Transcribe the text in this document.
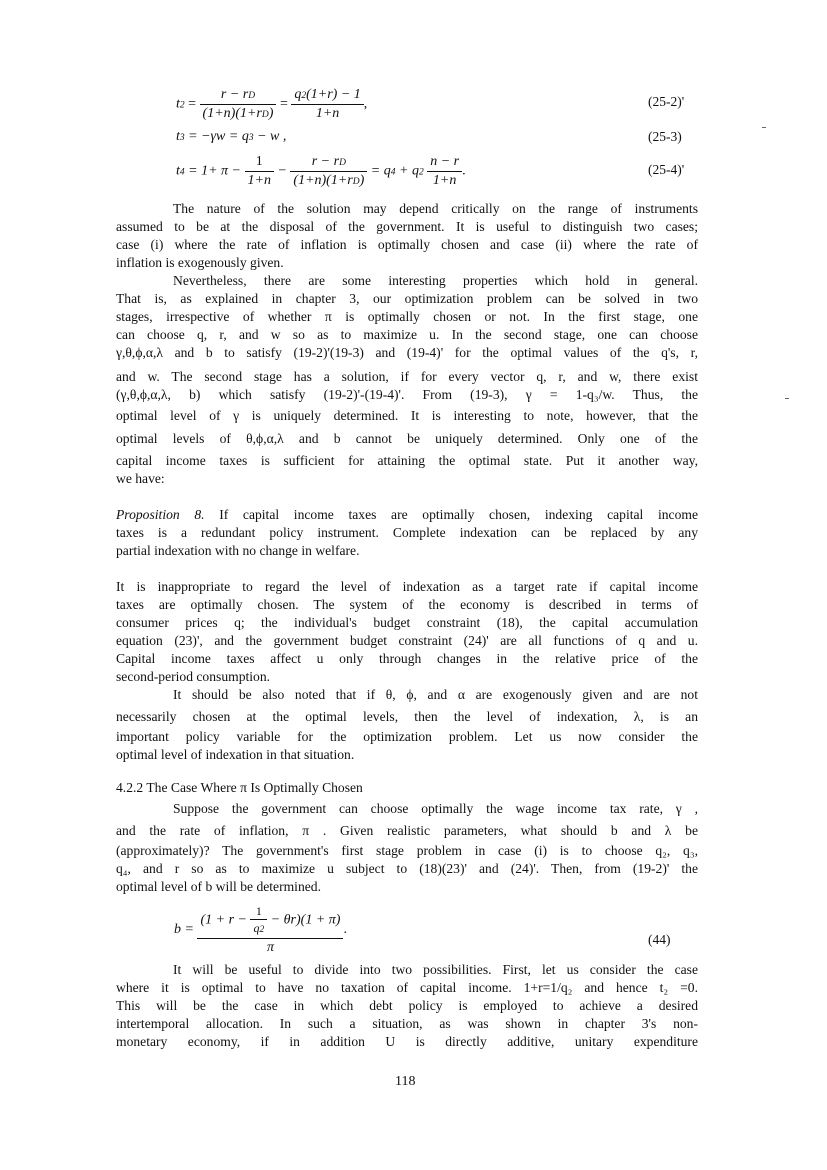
$t2 = \frac{r - rD}{(1+n)(1+rD)} = \frac{q2(1+r) - 1}{1+n}$ ,	(25-2)'
t3 = −γw = q3 − w ,	(25-3)
$t4 = 1+ \pi - \frac{1}{1+n} - \frac{r - rD}{(1+n)(1+rD)} = q4 + q2 \frac{n - r}{1+n}$ .	(25-4)'
The nature of the solution may depend critically on the range of instruments
assumed to be at the disposal of the government. It is useful to distinguish two cases;
case (i) where the rate of inflation is optimally chosen and case (ii) where the rate of
inflation is exogenously given.
Nevertheless, there are some interesting properties which hold in general.
That is, as explained in chapter 3, our optimization problem can be solved in two
stages, irrespective of whether π is optimally chosen or not. In the first stage, one
can choose q, r, and w so as to maximize u. In the second stage, one can choose
γ,θ,ϕ,α,λ and b to satisfy (19-2)'(19-3) and (19-4)' for the optimal values of the q's, r,
and w. The second stage has a solution, if for every vector q, r, and w, there exist
(γ,θ,ϕ,α,λ, b) which satisfy (19-2)'-(19-4)'. From (19-3), γ = 1-q₃/w. Thus, the
optimal level of γ is uniquely determined. It is interesting to note, however, that the
optimal levels of θ,ϕ,α,λ and b cannot be uniquely determined. Only one of the
capital income taxes is sufficient for attaining the optimal state. Put it another way,
we have:
Proposition 8. If capital income taxes are optimally chosen, indexing capital income
taxes is a redundant policy instrument. Complete indexation can be replaced by any
partial indexation with no change in welfare.
It is inappropriate to regard the level of indexation as a target rate if capital income
taxes are optimally chosen. The system of the economy is described in terms of
consumer prices q; the individual's budget constraint (18), the capital accumulation
equation (23)', and the government budget constraint (24)' are all functions of q and u.
Capital income taxes affect u only through changes in the relative price of the
second-period consumption.
It should be also noted that if θ, ϕ, and α are exogenously given and are not
necessarily chosen at the optimal levels, then the level of indexation, λ, is an
important policy variable for the optimization problem. Let us now consider the
optimal level of indexation in that situation.
4.2.2 The Case Where π Is Optimally Chosen
Suppose the government can choose optimally the wage income tax rate, γ ,
and the rate of inflation, π . Given realistic parameters, what should b and λ be
(approximately)? The government's first stage problem in case (i) is to choose q₂, q₃,
q₄, and r so as to maximize u subject to (18)(23)' and (24)'. Then, from (19-2)' the
optimal level of b will be determined.
b =
$(1 + r - \frac{1}{q2} - \theta r)(1 + \pi)$
π
.
(44)
It will be useful to divide into two possibilities. First, let us consider the case
where it is optimal to have no taxation of capital income. 1+r=1/q₂ and hence t₂ =0.
This will be the case in which debt policy is employed to achieve a desired
intertemporal allocation. In such a situation, as was shown in chapter 3's non-
monetary economy, if in addition U is directly additive, unitary expenditure
118
